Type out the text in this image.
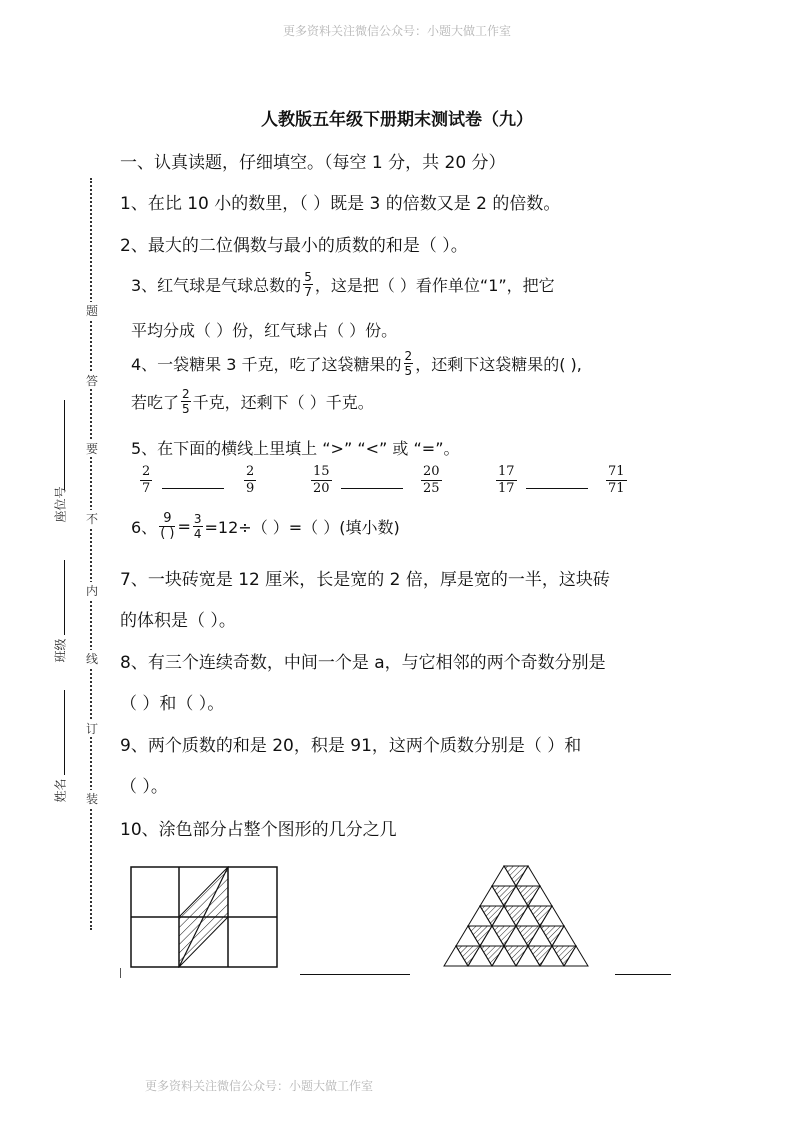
更多资料关注微信公众号：小题大做工作室
更多资料关注微信公众号：小题大做工作室
题
答
要
不
内
线
订
装
座位号
班级
姓名
人教版五年级下册期末测试卷（九）
一、认真读题，仔细填空。（每空 1 分，共 20 分）
1、在比 10 小的数里，（ ）既是 3 的倍数又是 2 的倍数。
2、最大的二位偶数与最小的质数的和是（ ）。
3、红气球是气球总数的 $\frac{5}{7}$ ，这是把（ ）看作单位“1”，把它
平均分成（ ）份，红气球占（ ）份。
4、一袋糖果 3 千克，吃了这袋糖果的 $\frac{2}{5}$ ，还剩下这袋糖果的( ),
若吃了 $\frac{2}{5}$ 千克，还剩下（ ）千克。
5、在下面的横线上里填上 “>” “<” 或 “=”。
2
7
2
9
15
20
20
25
17
17
71
71
6、 $\frac{9}{( )} = \frac{3}{4} =12\div$（ ）=（ ）(填小数)
7、一块砖宽是 12 厘米，长是宽的 2 倍，厚是宽的一半，这块砖
的体积是（ ）。
8、有三个连续奇数，中间一个是 a，与它相邻的两个奇数分别是
（ ）和（ ）。
9、两个质数的和是 20，积是 91，这两个质数分别是（ ）和
（ ）。
10、涂色部分占整个图形的几分之几
